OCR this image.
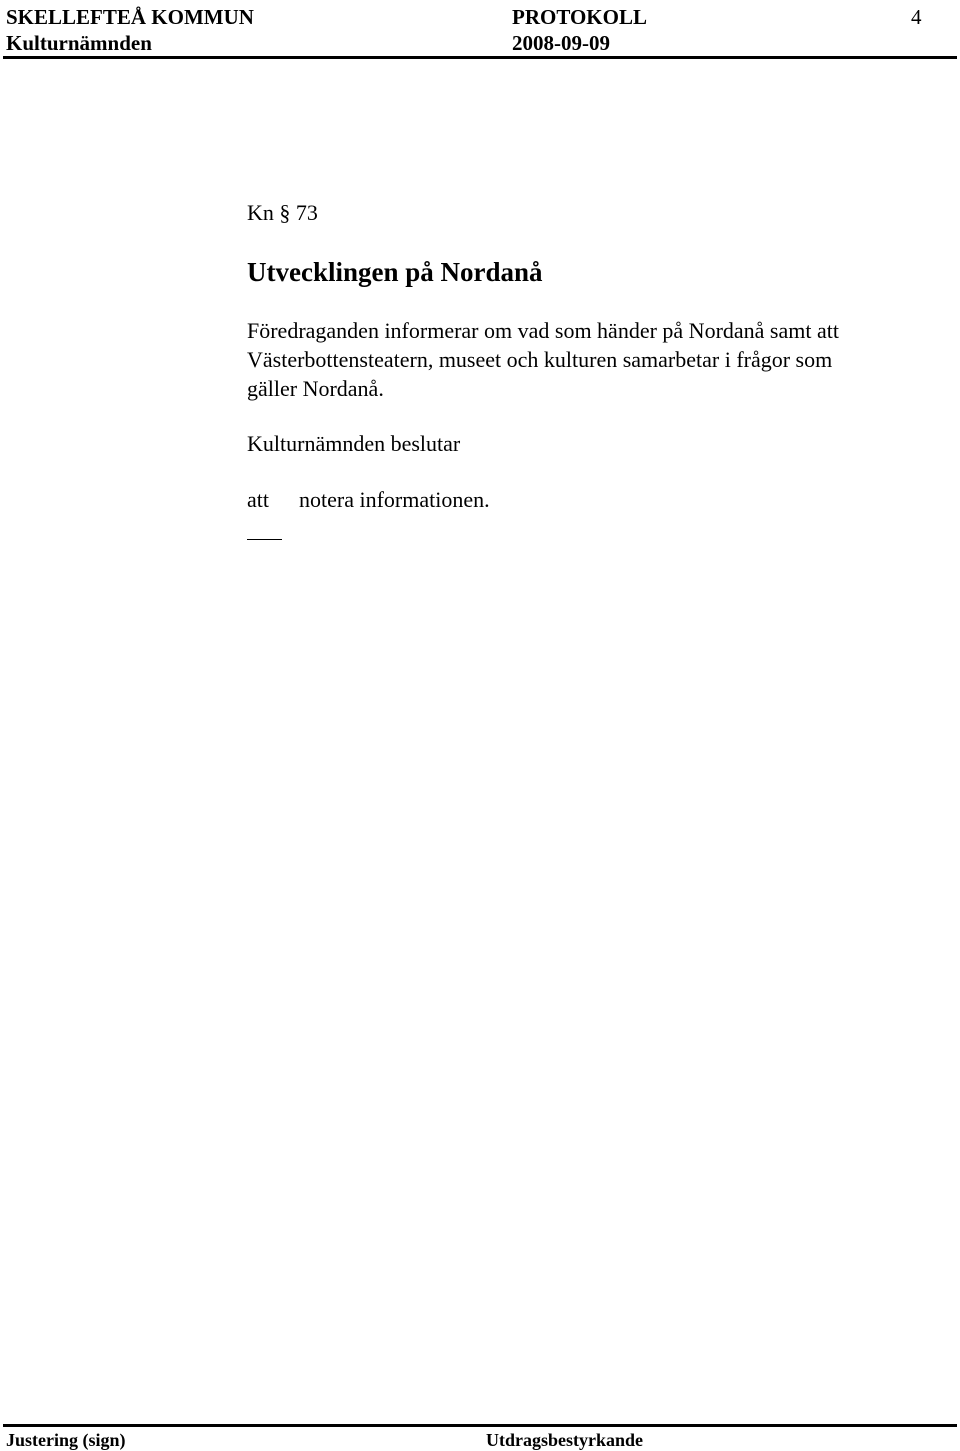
SKELLEFTEÅ KOMMUN	PROTOKOLL	4
Kulturnämnden	2008-09-09
Kn § 73
Utvecklingen på Nordanå
Föredraganden informerar om vad som händer på Nordanå samt att
Västerbottensteatern, museet och kulturen samarbetar i frågor som
gäller Nordanå.
Kulturnämnden beslutar
att notera informationen.
Justering (sign)	Utdragsbestyrkande
